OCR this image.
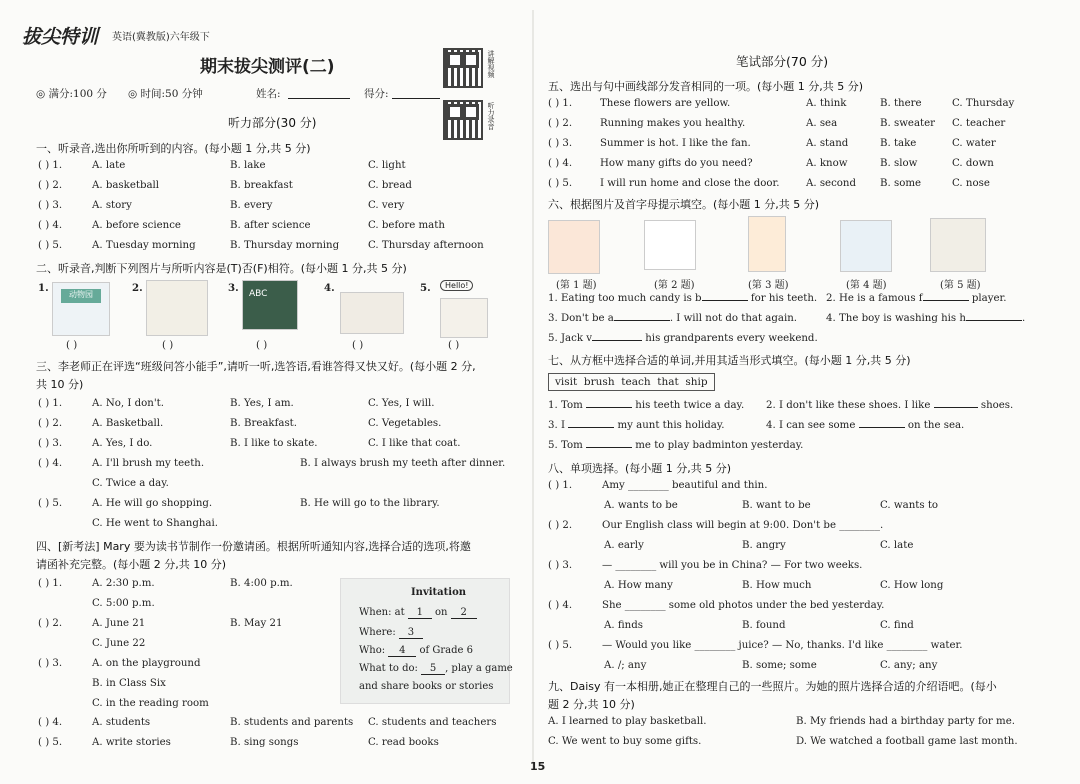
拔尖特训 英语(冀教版)六年级下
期末拔尖测评(二)	讲解视频
听力录音
◎ 满分:100 分 ◎ 时间:50 分钟	姓名:	得分:
听力部分(30 分)
一、听录音,选出你所听到的内容。(每小题 1 分,共 5 分)
( ) 1.	A. late	B. lake	C. light
( ) 2.	A. basketball	B. breakfast	C. bread
( ) 3.	A. story	B. every	C. very
( ) 4.	A. before science	B. after science	C. before math
( ) 5.	A. Tuesday morning	B. Thursday morning	C. Thursday afternoon
二、听录音,判断下列图片与所听内容是(T)否(F)相符。(每小题 1 分,共 5 分)
1.
动物园
2.	3. ABC	4.	5.	Hello!
( )	( )	( )	( )	( )
三、李老师正在评选“班级问答小能手”,请听一听,选答语,看谁答得又快又好。(每小题 2 分,
共 10 分)
( ) 1.	A. No, I don't.	B. Yes, I am.	C. Yes, I will.
( ) 2.	A. Basketball.	B. Breakfast.	C. Vegetables.
( ) 3.	A. Yes, I do.	B. I like to skate.	C. I like that coat.
( ) 4.	A. I'll brush my teeth.	B. I always brush my teeth after dinner.
C. Twice a day.
( ) 5.	A. He will go shopping.	B. He will go to the library.
C. He went to Shanghai.
四、[新考法] Mary 要为读书节制作一份邀请函。根据所听通知内容,选择合适的选项,将邀
请函补充完整。(每小题 2 分,共 10 分)
( ) 1.	A. 2:30 p.m.	B. 4:00 p.m.
C. 5:00 p.m.
( ) 2.	A. June 21	B. May 21
C. June 22
( ) 3.	A. on the playground
B. in Class Six
C. in the reading room
( ) 4.	A. students	B. students and parents C. students and teachers
( ) 5.	A. write stories	B. sing songs	C. read books
Invitation
When: at 1 on 2
Where: 3
Who: 4 of Grade 6
What to do: 5 , play a game
and share books or stories
笔试部分(70 分)
五、选出与句中画线部分发音相同的一项。(每小题 1 分,共 5 分)
( ) 1.	These flowers are yellow.	A. think	B. there	C. Thursday
( ) 2.	Running makes you healthy.	A. sea	B. sweater C. teacher
( ) 3.	Summer is hot. I like the fan.	A. stand	B. take	C. water
( ) 4.	How many gifts do you need?	A. know	B. slow	C. down
( ) 5.	I will run home and close the door.	A. second B. some	C. nose
六、根据图片及首字母提示填空。(每小题 1 分,共 5 分)
(第 1 题)	(第 2 题)	(第 3 题)	(第 4 题)	(第 5 题)
1. Eating too much candy is b	for his teeth. 2. He is a famous f	player.
3. Don't be a	. I will not do that again.	4. The boy is washing his h	.
5. Jack v	his grandparents every weekend.
七、从方框中选择合适的单词,并用其适当形式填空。(每小题 1 分,共 5 分)
visit  brush  teach  that  ship
1. Tom	his teeth twice a day. 2. I don't like these shoes. I like	shoes.
3. I	my aunt this holiday.	4. I can see some	on the sea.
5. Tom	me to play badminton yesterday.
八、单项选择。(每小题 1 分,共 5 分)
( ) 1.	Amy ________ beautiful and thin.
A. wants to be	B. want to be	C. wants to
( ) 2.	Our English class will begin at 9:00. Don't be ________.
A. early	B. angry	C. late
( ) 3.	— ________ will you be in China? — For two weeks.
A. How many	B. How much	C. How long
( ) 4.	She ________ some old photos under the bed yesterday.
A. finds	B. found	C. find
( ) 5.	— Would you like ________ juice? — No, thanks. I'd like ________ water.
A. /; any	B. some; some	C. any; any
九、Daisy 有一本相册,她正在整理自己的一些照片。为她的照片选择合适的介绍语吧。(每小
题 2 分,共 10 分)
A. I learned to play basketball.	B. My friends had a birthday party for me.
C. We went to buy some gifts.	D. We watched a football game last month.
15
